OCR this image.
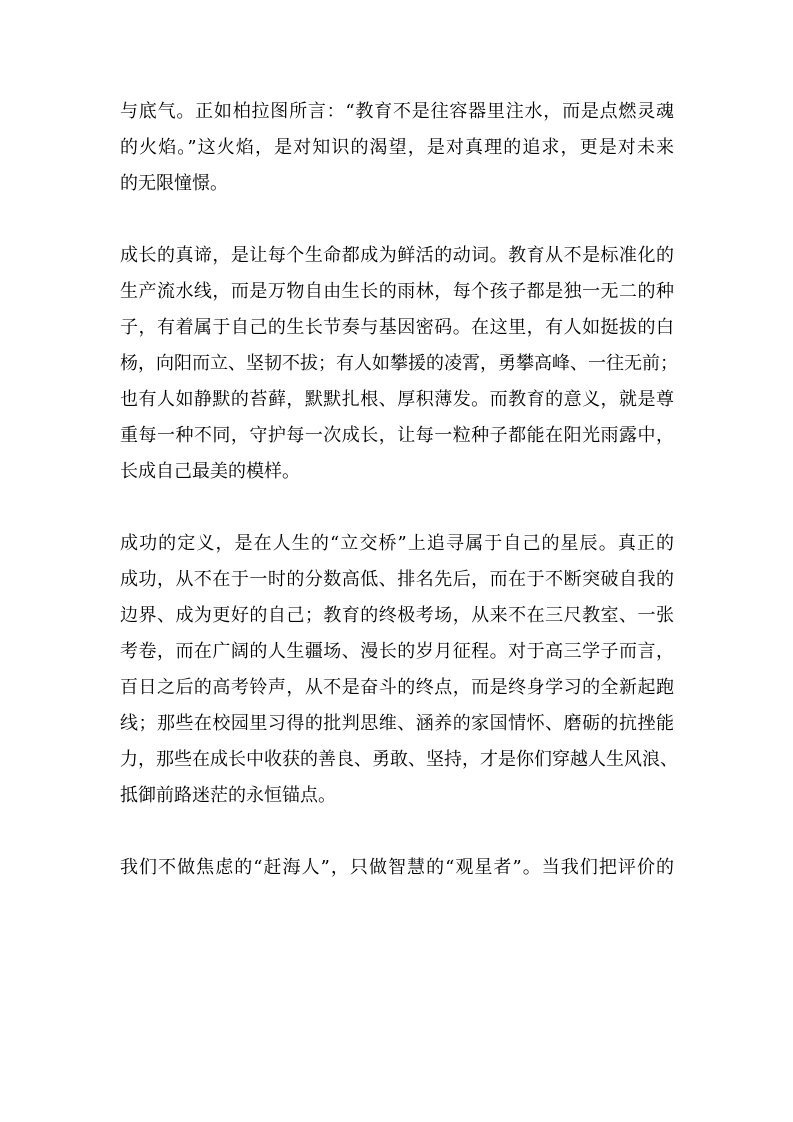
与底气。正如柏拉图所言：“教育不是往容器里注水，而是点燃灵魂
的火焰。”这火焰，是对知识的渴望，是对真理的追求，更是对未来
的无限憧憬。

成长的真谛，是让每个生命都成为鲜活的动词。教育从不是标准化的
生产流水线，而是万物自由生长的雨林，每个孩子都是独一无二的种
子，有着属于自己的生长节奏与基因密码。在这里，有人如挺拔的白
杨，向阳而立、坚韧不拔；有人如攀援的凌霄，勇攀高峰、一往无前；
也有人如静默的苔藓，默默扎根、厚积薄发。而教育的意义，就是尊
重每一种不同，守护每一次成长，让每一粒种子都能在阳光雨露中，
长成自己最美的模样。

成功的定义，是在人生的“立交桥”上追寻属于自己的星辰。真正的
成功，从不在于一时的分数高低、排名先后，而在于不断突破自我的
边界、成为更好的自己；教育的终极考场，从来不在三尺教室、一张
考卷，而在广阔的人生疆场、漫长的岁月征程。对于高三学子而言，
百日之后的高考铃声，从不是奋斗的终点，而是终身学习的全新起跑
线；那些在校园里习得的批判思维、涵养的家国情怀、磨砺的抗挫能
力，那些在成长中收获的善良、勇敢、坚持，才是你们穿越人生风浪、
抵御前路迷茫的永恒锚点。

我们不做焦虑的“赶海人”，只做智慧的“观星者”。当我们把评价的
